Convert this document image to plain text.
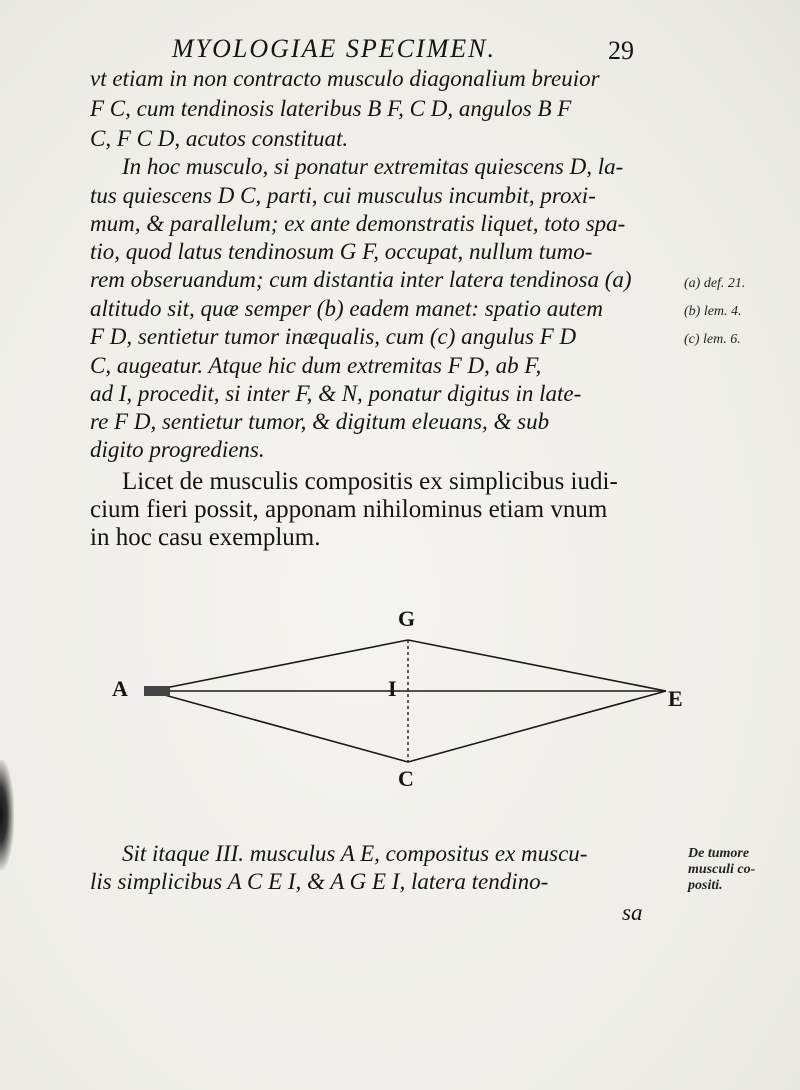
MYOLOGIAE SPECIMEN.	29
vt etiam in non contracto musculo diagonalium breuior
F C, cum tendinosis lateribus B F, C D, angulos B F
C, F C D, acutos constituat.
In hoc musculo, si ponatur extremitas quiescens D, la-
tus quiescens D C, parti, cui musculus incumbit, proxi-
mum, & parallelum; ex ante demonstratis liquet, toto spa-
tio, quod latus tendinosum G F, occupat, nullum tumo-
rem obseruandum; cum distantia inter latera tendinosa (a)
altitudo sit, quæ semper (b) eadem manet: spatio autem
F D, sentietur tumor inæqualis, cum (c) angulus F D
C, augeatur. Atque hic dum extremitas F D, ab F,
ad I, procedit, si inter F, & N, ponatur digitus in late-
re F D, sentietur tumor, & digitum eleuans, & sub
digito progrediens.
(a) def. 21.
(b) lem. 4.
(c) lem. 6.
Licet de musculis compositis ex simplicibus iudi-
cium fieri possit, apponam nihilominus etiam vnum
in hoc casu exemplum.
A	E
G
C
I
Sit itaque III. musculus A E, compositus ex muscu-
lis simplicibus A C E I, & A G E I, latera tendino-
sa
De tumore
musculi co-
positi.
